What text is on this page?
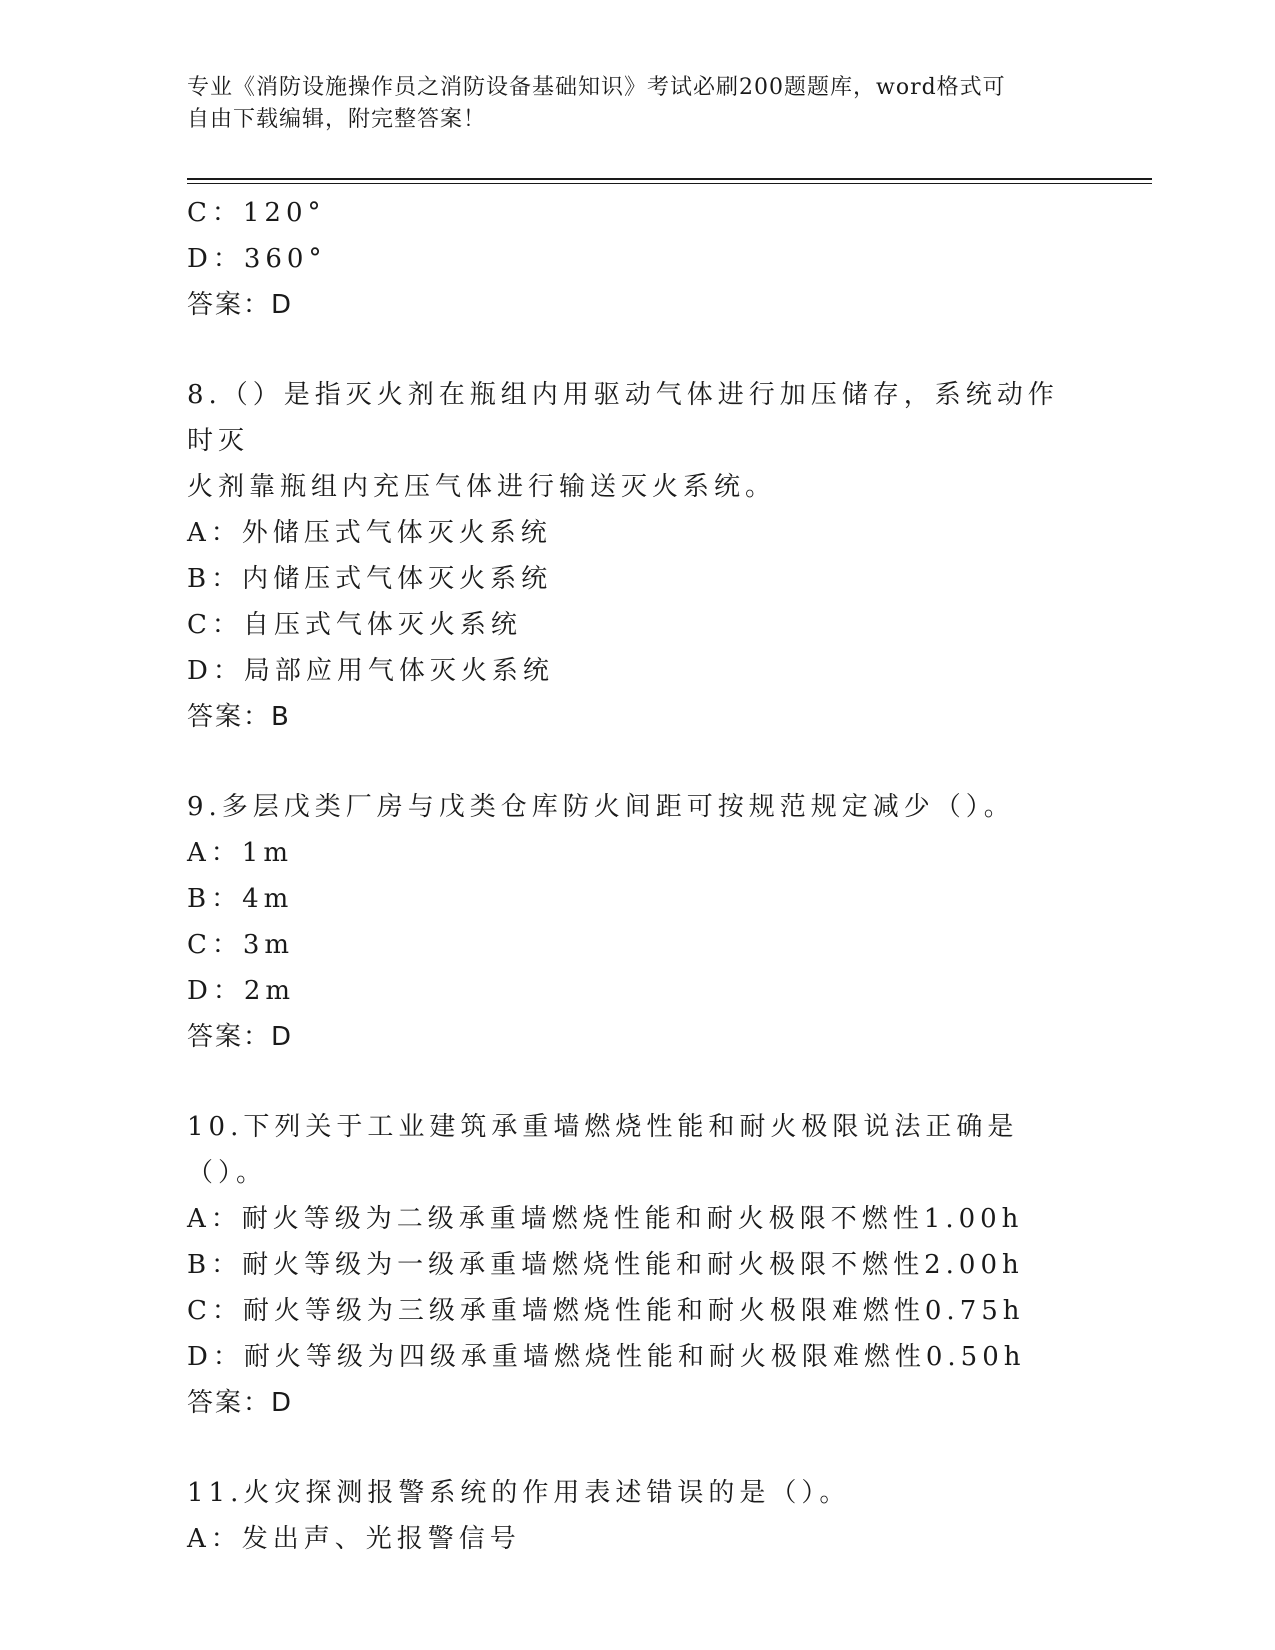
专业《消防设施操作员之消防设备基础知识》考试必刷200题题库，word格式可
自由下载编辑，附完整答案！
C：120°
D：360°
答案：D
8.（）是指灭火剂在瓶组内用驱动气体进行加压储存，系统动作时灭
火剂靠瓶组内充压气体进行输送灭火系统。
A：外储压式气体灭火系统
B：内储压式气体灭火系统
C：自压式气体灭火系统
D：局部应用气体灭火系统
答案：B
9.多层戊类厂房与戊类仓库防火间距可按规范规定减少（）。
A：1m
B：4m
C：3m
D：2m
答案：D
10.下列关于工业建筑承重墙燃烧性能和耐火极限说法正确是（）。
A：耐火等级为二级承重墙燃烧性能和耐火极限不燃性1.00h
B：耐火等级为一级承重墙燃烧性能和耐火极限不燃性2.00h
C：耐火等级为三级承重墙燃烧性能和耐火极限难燃性0.75h
D：耐火等级为四级承重墙燃烧性能和耐火极限难燃性0.50h
答案：D
11.火灾探测报警系统的作用表述错误的是（）。
A：发出声、光报警信号
